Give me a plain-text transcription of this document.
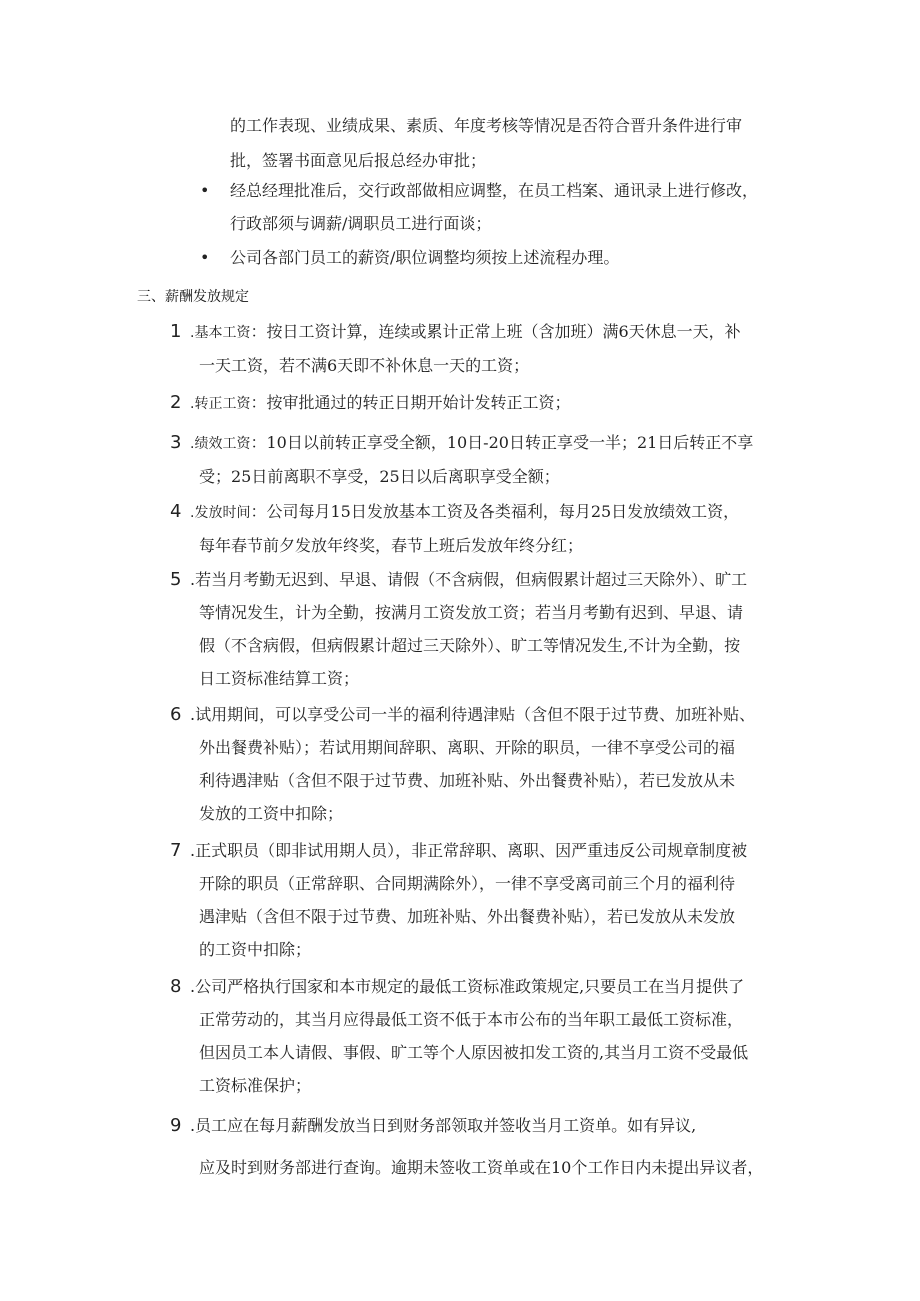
的工作表现、业绩成果、素质、年度考核等情况是否符合晋升条件进行审
批，签署书面意见后报总经办审批；
• 经总经理批准后，交行政部做相应调整，在员工档案、通讯录上进行修改，
行政部须与调薪/调职员工进行面谈；
• 公司各部门员工的薪资/职位调整均须按上述流程办理。
三、薪酬发放规定
1 .基本工资：按日工资计算，连续或累计正常上班（含加班）满6天休息一天，补
一天工资，若不满6天即不补休息一天的工资；
2 .转正工资：按审批通过的转正日期开始计发转正工资；
3 .绩效工资：10日以前转正享受全额，10日-20日转正享受一半；21日后转正不享
受；25日前离职不享受，25日以后离职享受全额；
4 .发放时间：公司每月15日发放基本工资及各类福利，每月25日发放绩效工资，
每年春节前夕发放年终奖，春节上班后发放年终分红；
5 .若当月考勤无迟到、早退、请假（不含病假，但病假累计超过三天除外）、旷工
等情况发生，计为全勤，按满月工资发放工资；若当月考勤有迟到、早退、请
假（不含病假，但病假累计超过三天除外）、旷工等情况发生,不计为全勤，按
日工资标准结算工资；
6 .试用期间，可以享受公司一半的福利待遇津贴（含但不限于过节费、加班补贴、
外出餐费补贴）；若试用期间辞职、离职、开除的职员，一律不享受公司的福
利待遇津贴（含但不限于过节费、加班补贴、外出餐费补贴），若已发放从未
发放的工资中扣除；
7 .正式职员（即非试用期人员），非正常辞职、离职、因严重违反公司规章制度被
开除的职员（正常辞职、合同期满除外），一律不享受离司前三个月的福利待
遇津贴（含但不限于过节费、加班补贴、外出餐费补贴），若已发放从未发放
的工资中扣除；
8 .公司严格执行国家和本市规定的最低工资标准政策规定,只要员工在当月提供了
正常劳动的，其当月应得最低工资不低于本市公布的当年职工最低工资标准，
但因员工本人请假、事假、旷工等个人原因被扣发工资的,其当月工资不受最低
工资标准保护；
9 .员工应在每月薪酬发放当日到财务部领取并签收当月工资单。如有异议,
应及时到财务部进行查询。逾期未签收工资单或在10个工作日内未提出异议者，
